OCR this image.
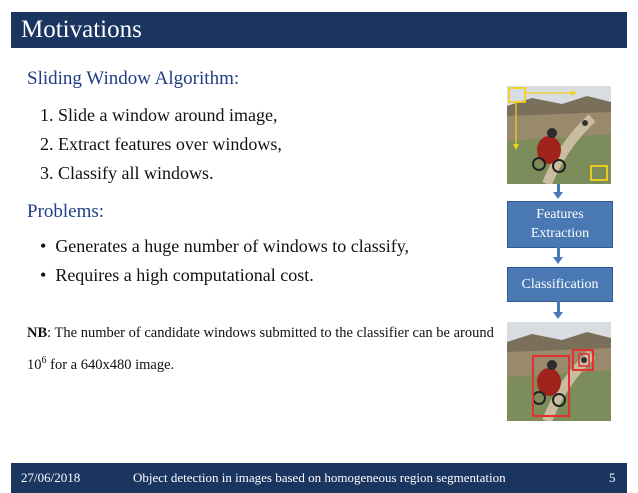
Motivations
Sliding Window Algorithm:
1. Slide a window around image,
2. Extract features over windows,
3. Classify all windows.
Problems:
•  Generates a huge number of windows to classify,
•  Requires a high computational cost.
NB: The number of candidate windows submitted to the classifier can be around $10^6$ for a 640x480 image.
Features
Extraction
Classification
27/06/2018	Object detection in images based on homogeneous region segmentation	5
